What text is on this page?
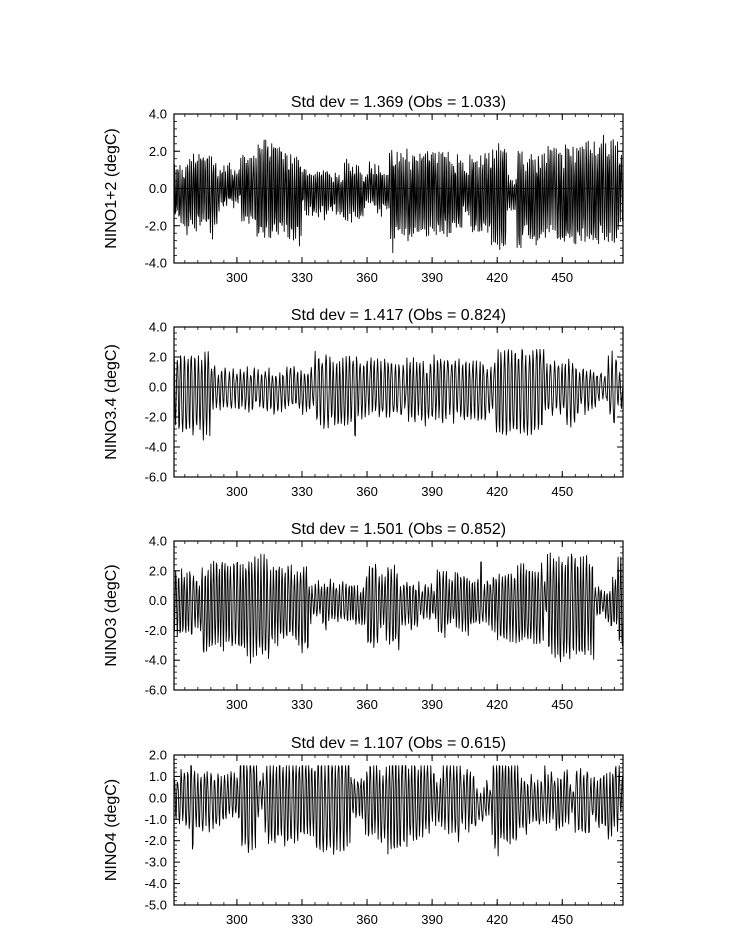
Std dev = 1.369 (Obs = 1.033)
NINO1+2 (degC)
4.0
2.0
0.0
-2.0
-4.0
300	330	360	390	420	450
Std dev = 1.417 (Obs = 0.824)
NINO3.4 (degC)
4.0
2.0
0.0
-2.0
-4.0
-6.0
300	330	360	390	420	450
Std dev = 1.501 (Obs = 0.852)
NINO3 (degC)
4.0
2.0
0.0
-2.0
-4.0
-6.0
300	330	360	390	420	450
Std dev = 1.107 (Obs = 0.615)
NINO4 (degC)
2.0
1.0
0.0
-1.0
-2.0
-3.0
-4.0
-5.0
300	330	360	390	420	450
